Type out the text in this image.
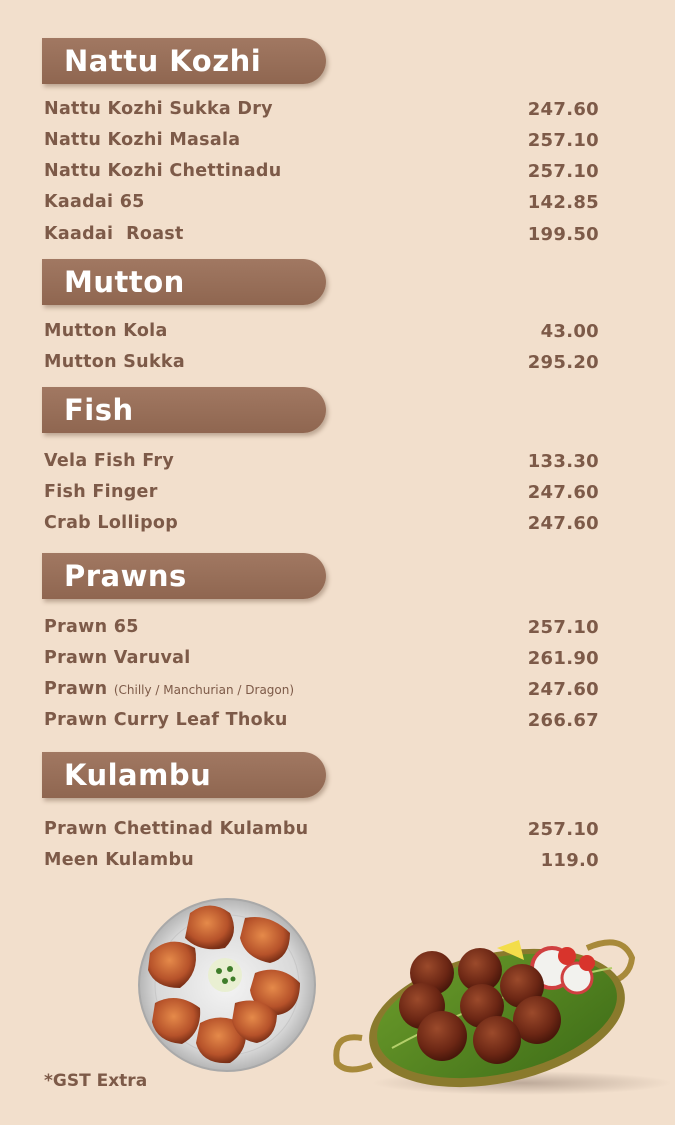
Nattu Kozhi
Nattu Kozhi Sukka Dry	247.60
Nattu Kozhi Masala	257.10
Nattu Kozhi Chettinadu	257.10
Kaadai 65	142.85
Kaadai  Roast	199.50
Mutton
Mutton Kola	43.00
Mutton Sukka	295.20
Fish
Vela Fish Fry	133.30
Fish Finger	247.60
Crab Lollipop	247.60
Prawns
Prawn 65	257.10
Prawn Varuval	261.90
Prawn (Chilly / Manchurian / Dragon)	247.60
Prawn Curry Leaf Thoku	266.67
Kulambu
Prawn Chettinad Kulambu	257.10
Meen Kulambu	119.0
*GST Extra
